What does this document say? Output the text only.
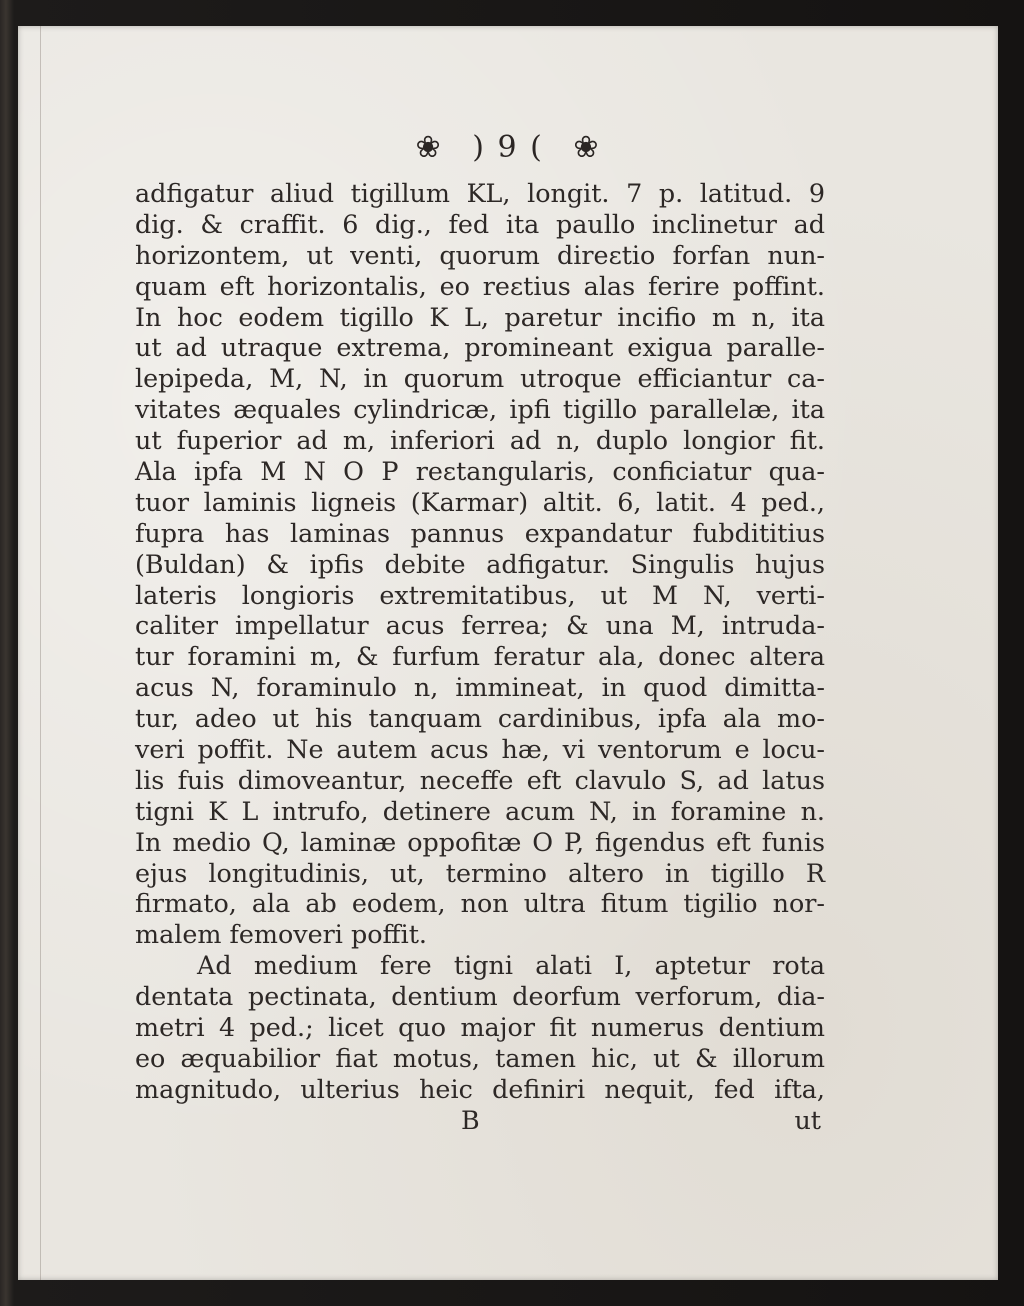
❀ ) 9 ( ❀
adfigatur aliud tigillum KL, longit. 7 p. latitud. 9
dig. & craffit. 6 dig., fed ita paullo inclinetur ad
horizontem, ut venti, quorum direɛtio forfan nun-
quam eft horizontalis, eo reɛtius alas ferire poffint.
In hoc eodem tigillo K L, paretur incifio m n, ita
ut ad utraque extrema, promineant exigua paralle-
lepipeda, M, N, in quorum utroque efficiantur ca-
vitates æquales cylindricæ, ipfi tigillo parallelæ, ita
ut fuperior ad m, inferiori ad n, duplo longior fit.
Ala ipfa M N O P reɛtangularis, conficiatur qua-
tuor laminis ligneis (Karmar) altit. 6, latit. 4 ped.,
fupra has laminas pannus expandatur fubdititius
(Buldan) & ipfis debite adfigatur. Singulis hujus
lateris longioris extremitatibus, ut M N, verti-
caliter impellatur acus ferrea; & una M, intruda-
tur foramini m, & furfum feratur ala, donec altera
acus N, foraminulo n, immineat, in quod dimitta-
tur, adeo ut his tanquam cardinibus, ipfa ala mo-
veri poffit. Ne autem acus hæ, vi ventorum e locu-
lis fuis dimoveantur, neceffe eft clavulo S, ad latus
tigni K L intrufo, detinere acum N, in foramine n.
In medio Q, laminæ oppofitæ O P, figendus eft funis
ejus longitudinis, ut, termino altero in tigillo R
firmato, ala ab eodem, non ultra fitum tigilio nor-
malem femoveri poffit.
Ad medium fere tigni alati I, aptetur rota
dentata pectinata, dentium deorfum verforum, dia-
metri 4 ped.; licet quo major fit numerus dentium
eo æquabilior fiat motus, tamen hic, ut & illorum
magnitudo, ulterius heic definiri nequit, fed ifta,
B	ut
